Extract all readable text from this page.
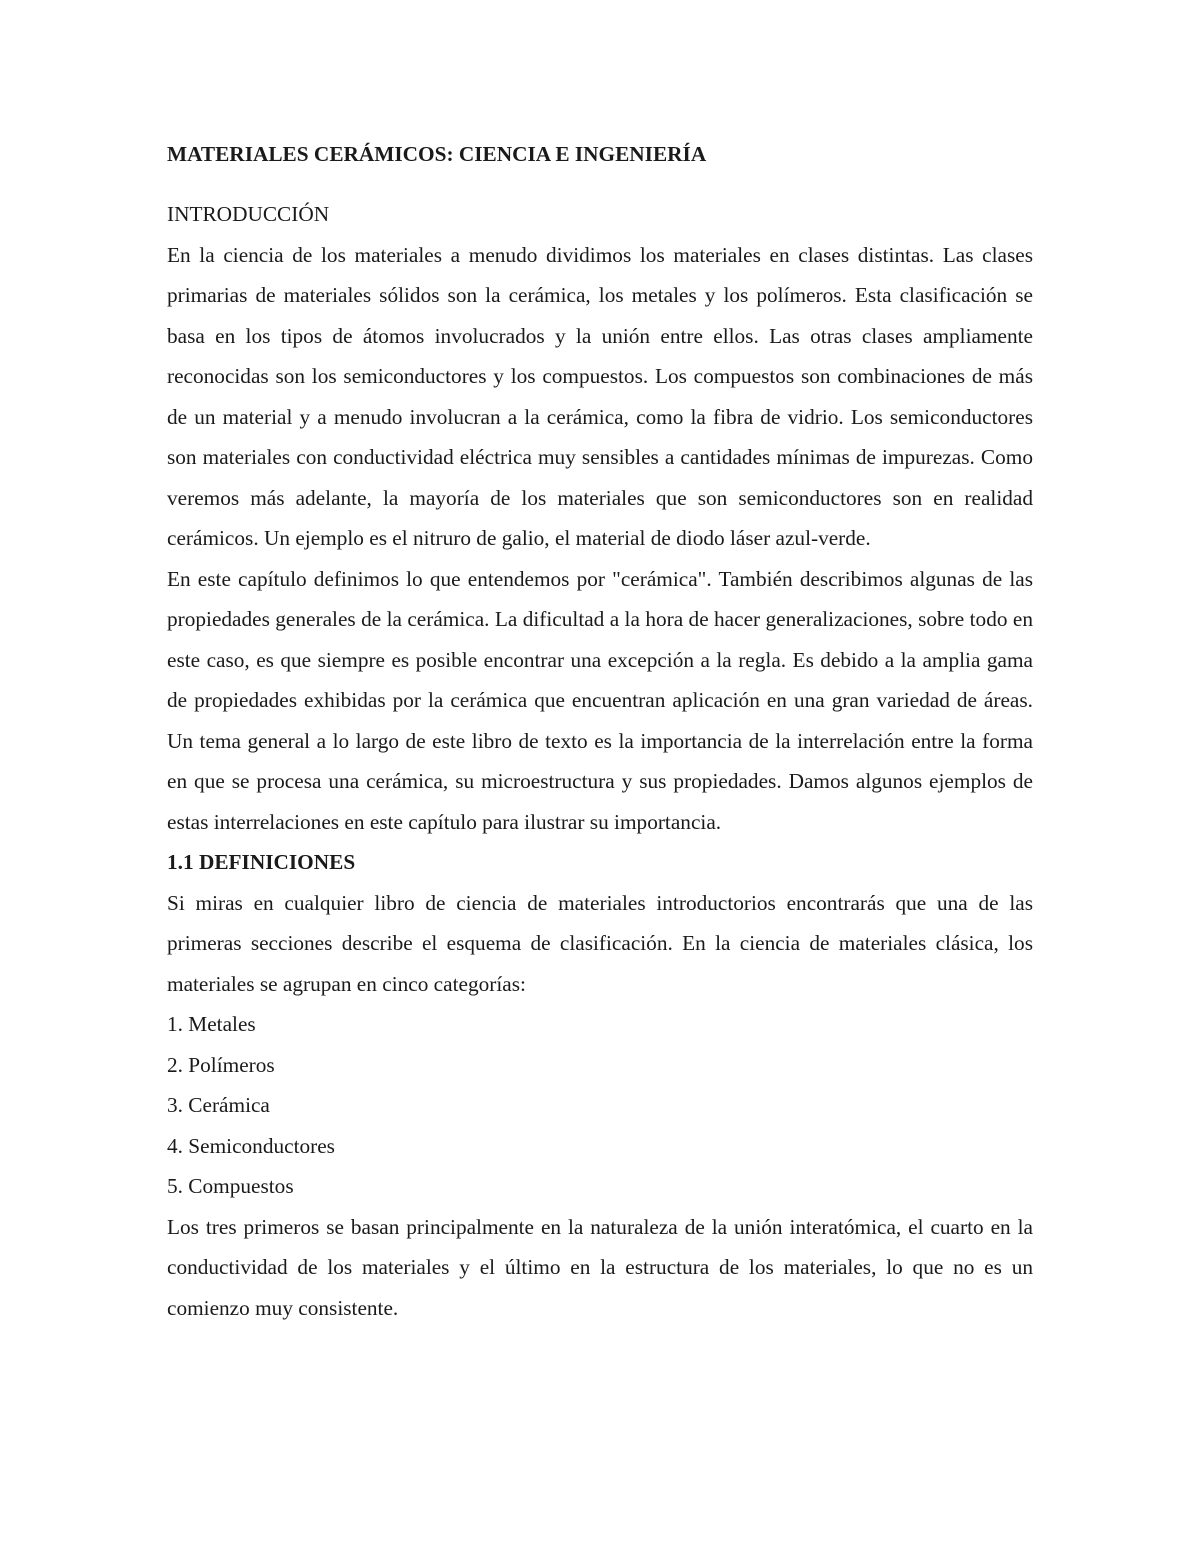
MATERIALES CERÁMICOS: CIENCIA E INGENIERÍA

INTRODUCCIÓN

En la ciencia de los materiales a menudo dividimos los materiales en clases distintas. Las clases primarias de materiales sólidos son la cerámica, los metales y los polímeros. Esta clasificación se basa en los tipos de átomos involucrados y la unión entre ellos. Las otras clases ampliamente reconocidas son los semiconductores y los compuestos. Los compuestos son combinaciones de más de un material y a menudo involucran a la cerámica, como la fibra de vidrio. Los semiconductores son materiales con conductividad eléctrica muy sensibles a cantidades mínimas de impurezas. Como veremos más adelante, la mayoría de los materiales que son semiconductores son en realidad cerámicos. Un ejemplo es el nitruro de galio, el material de diodo láser azul-verde.

En este capítulo definimos lo que entendemos por "cerámica". También describimos algunas de las propiedades generales de la cerámica. La dificultad a la hora de hacer generalizaciones, sobre todo en este caso, es que siempre es posible encontrar una excepción a la regla. Es debido a la amplia gama de propiedades exhibidas por la cerámica que encuentran aplicación en una gran variedad de áreas. Un tema general a lo largo de este libro de texto es la importancia de la interrelación entre la forma en que se procesa una cerámica, su microestructura y sus propiedades. Damos algunos ejemplos de estas interrelaciones en este capítulo para ilustrar su importancia.

1.1 DEFINICIONES

Si miras en cualquier libro de ciencia de materiales introductorios encontrarás que una de las primeras secciones describe el esquema de clasificación. En la ciencia de materiales clásica, los materiales se agrupan en cinco categorías:

1. Metales
2. Polímeros
3. Cerámica
4. Semiconductores
5. Compuestos

Los tres primeros se basan principalmente en la naturaleza de la unión interatómica, el cuarto en la conductividad de los materiales y el último en la estructura de los materiales, lo que no es un comienzo muy consistente.
